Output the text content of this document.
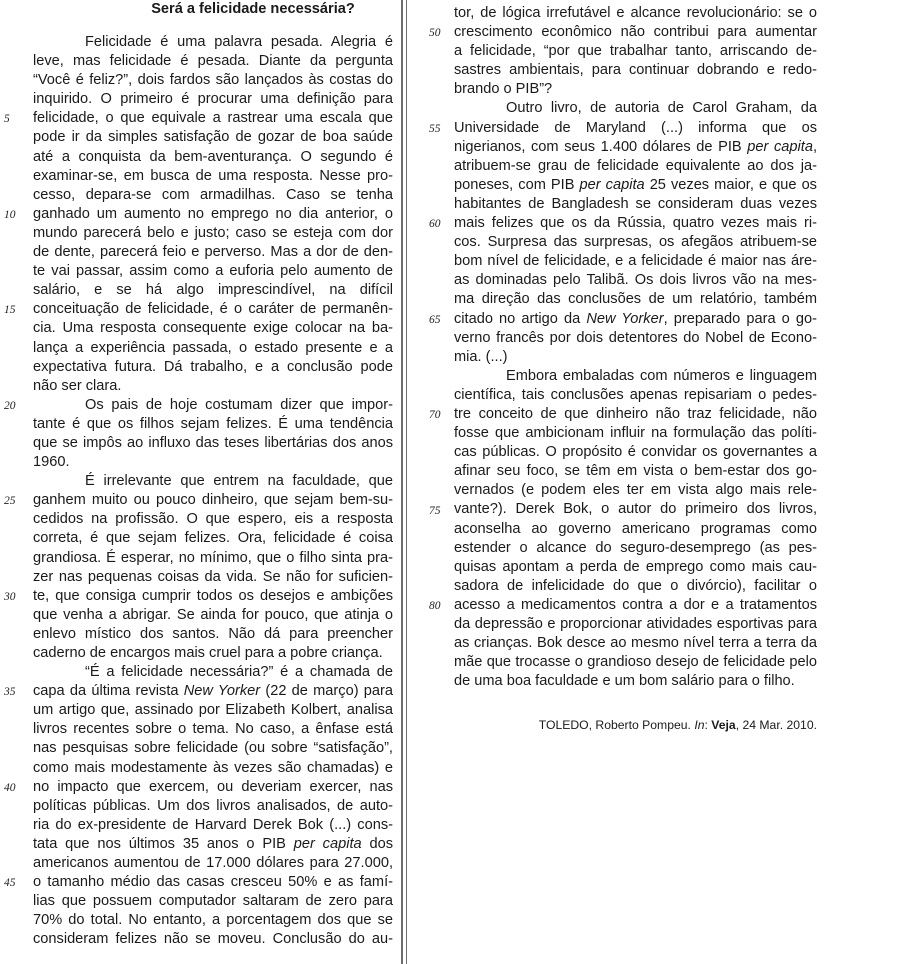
Será a felicidade necessária?
Felicidade é uma palavra pesada. Alegria é
leve, mas felicidade é pesada. Diante da pergunta
“Você é feliz?”, dois fardos são lançados às costas do
inquirido. O primeiro é procurar uma definição para
felicidade, o que equivale a rastrear uma escala que
pode ir da simples satisfação de gozar de boa saúde
até a conquista da bem-aventurança. O segundo é
examinar-se, em busca de uma resposta. Nesse pro-
cesso, depara-se com armadilhas. Caso se tenha
ganhado um aumento no emprego no dia anterior, o
mundo parecerá belo e justo; caso se esteja com dor
de dente, parecerá feio e perverso. Mas a dor de den-
te vai passar, assim como a euforia pelo aumento de
salário, e se há algo imprescindível, na difícil
conceituação de felicidade, é o caráter de permanên-
cia. Uma resposta consequente exige colocar na ba-
lança a experiência passada, o estado presente e a
expectativa futura. Dá trabalho, e a conclusão pode
não ser clara.
Os pais de hoje costumam dizer que impor-
tante é que os filhos sejam felizes. É uma tendência
que se impôs ao influxo das teses libertárias dos anos
1960.
É irrelevante que entrem na faculdade, que
ganhem muito ou pouco dinheiro, que sejam bem-su-
cedidos na profissão. O que espero, eis a resposta
correta, é que sejam felizes. Ora, felicidade é coisa
grandiosa. É esperar, no mínimo, que o filho sinta pra-
zer nas pequenas coisas da vida. Se não for suficien-
te, que consiga cumprir todos os desejos e ambições
que venha a abrigar. Se ainda for pouco, que atinja o
enlevo místico dos santos. Não dá para preencher
caderno de encargos mais cruel para a pobre criança.
“É a felicidade necessária?” é a chamada de
capa da última revista New Yorker (22 de março) para
um artigo que, assinado por Elizabeth Kolbert, analisa
livros recentes sobre o tema. No caso, a ênfase está
nas pesquisas sobre felicidade (ou sobre “satisfação”,
como mais modestamente às vezes são chamadas) e
no impacto que exercem, ou deveriam exercer, nas
políticas públicas. Um dos livros analisados, de auto-
ria do ex-presidente de Harvard Derek Bok (...) cons-
tata que nos últimos 35 anos o PIB per capita dos
americanos aumentou de 17.000 dólares para 27.000,
o tamanho médio das casas cresceu 50% e as famí-
lias que possuem computador saltaram de zero para
70% do total. No entanto, a porcentagem dos que se
consideram felizes não se moveu. Conclusão do au-
tor, de lógica irrefutável e alcance revolucionário: se o
crescimento econômico não contribui para aumentar
a felicidade, “por que trabalhar tanto, arriscando de-
sastres ambientais, para continuar dobrando e redo-
brando o PIB”?
Outro livro, de autoria de Carol Graham, da
Universidade de Maryland (...) informa que os
nigerianos, com seus 1.400 dólares de PIB per capita,
atribuem-se grau de felicidade equivalente ao dos ja-
poneses, com PIB per capita 25 vezes maior, e que os
habitantes de Bangladesh se consideram duas vezes
mais felizes que os da Rússia, quatro vezes mais ri-
cos. Surpresa das surpresas, os afegãos atribuem-se
bom nível de felicidade, e a felicidade é maior nas áre-
as dominadas pelo Talibã. Os dois livros vão na mes-
ma direção das conclusões de um relatório, também
citado no artigo da New Yorker, preparado para o go-
verno francês por dois detentores do Nobel de Econo-
mia. (...)
Embora embaladas com números e linguagem
científica, tais conclusões apenas repisariam o pedes-
tre conceito de que dinheiro não traz felicidade, não
fosse que ambicionam influir na formulação das políti-
cas públicas. O propósito é convidar os governantes a
afinar seu foco, se têm em vista o bem-estar dos go-
vernados (e podem eles ter em vista algo mais rele-
vante?). Derek Bok, o autor do primeiro dos livros,
aconselha ao governo americano programas como
estender o alcance do seguro-desemprego (as pes-
quisas apontam a perda de emprego como mais cau-
sadora de infelicidade do que o divórcio), facilitar o
acesso a medicamentos contra a dor e a tratamentos
da depressão e proporcionar atividades esportivas para
as crianças. Bok desce ao mesmo nível terra a terra da
mãe que trocasse o grandioso desejo de felicidade pelo
de uma boa faculdade e um bom salário para o filho.
TOLEDO, Roberto Pompeu. In: Veja, 24 Mar. 2010.
5
10
15
20
25
30
35
40
45
50
55
60
65
70
75
80
